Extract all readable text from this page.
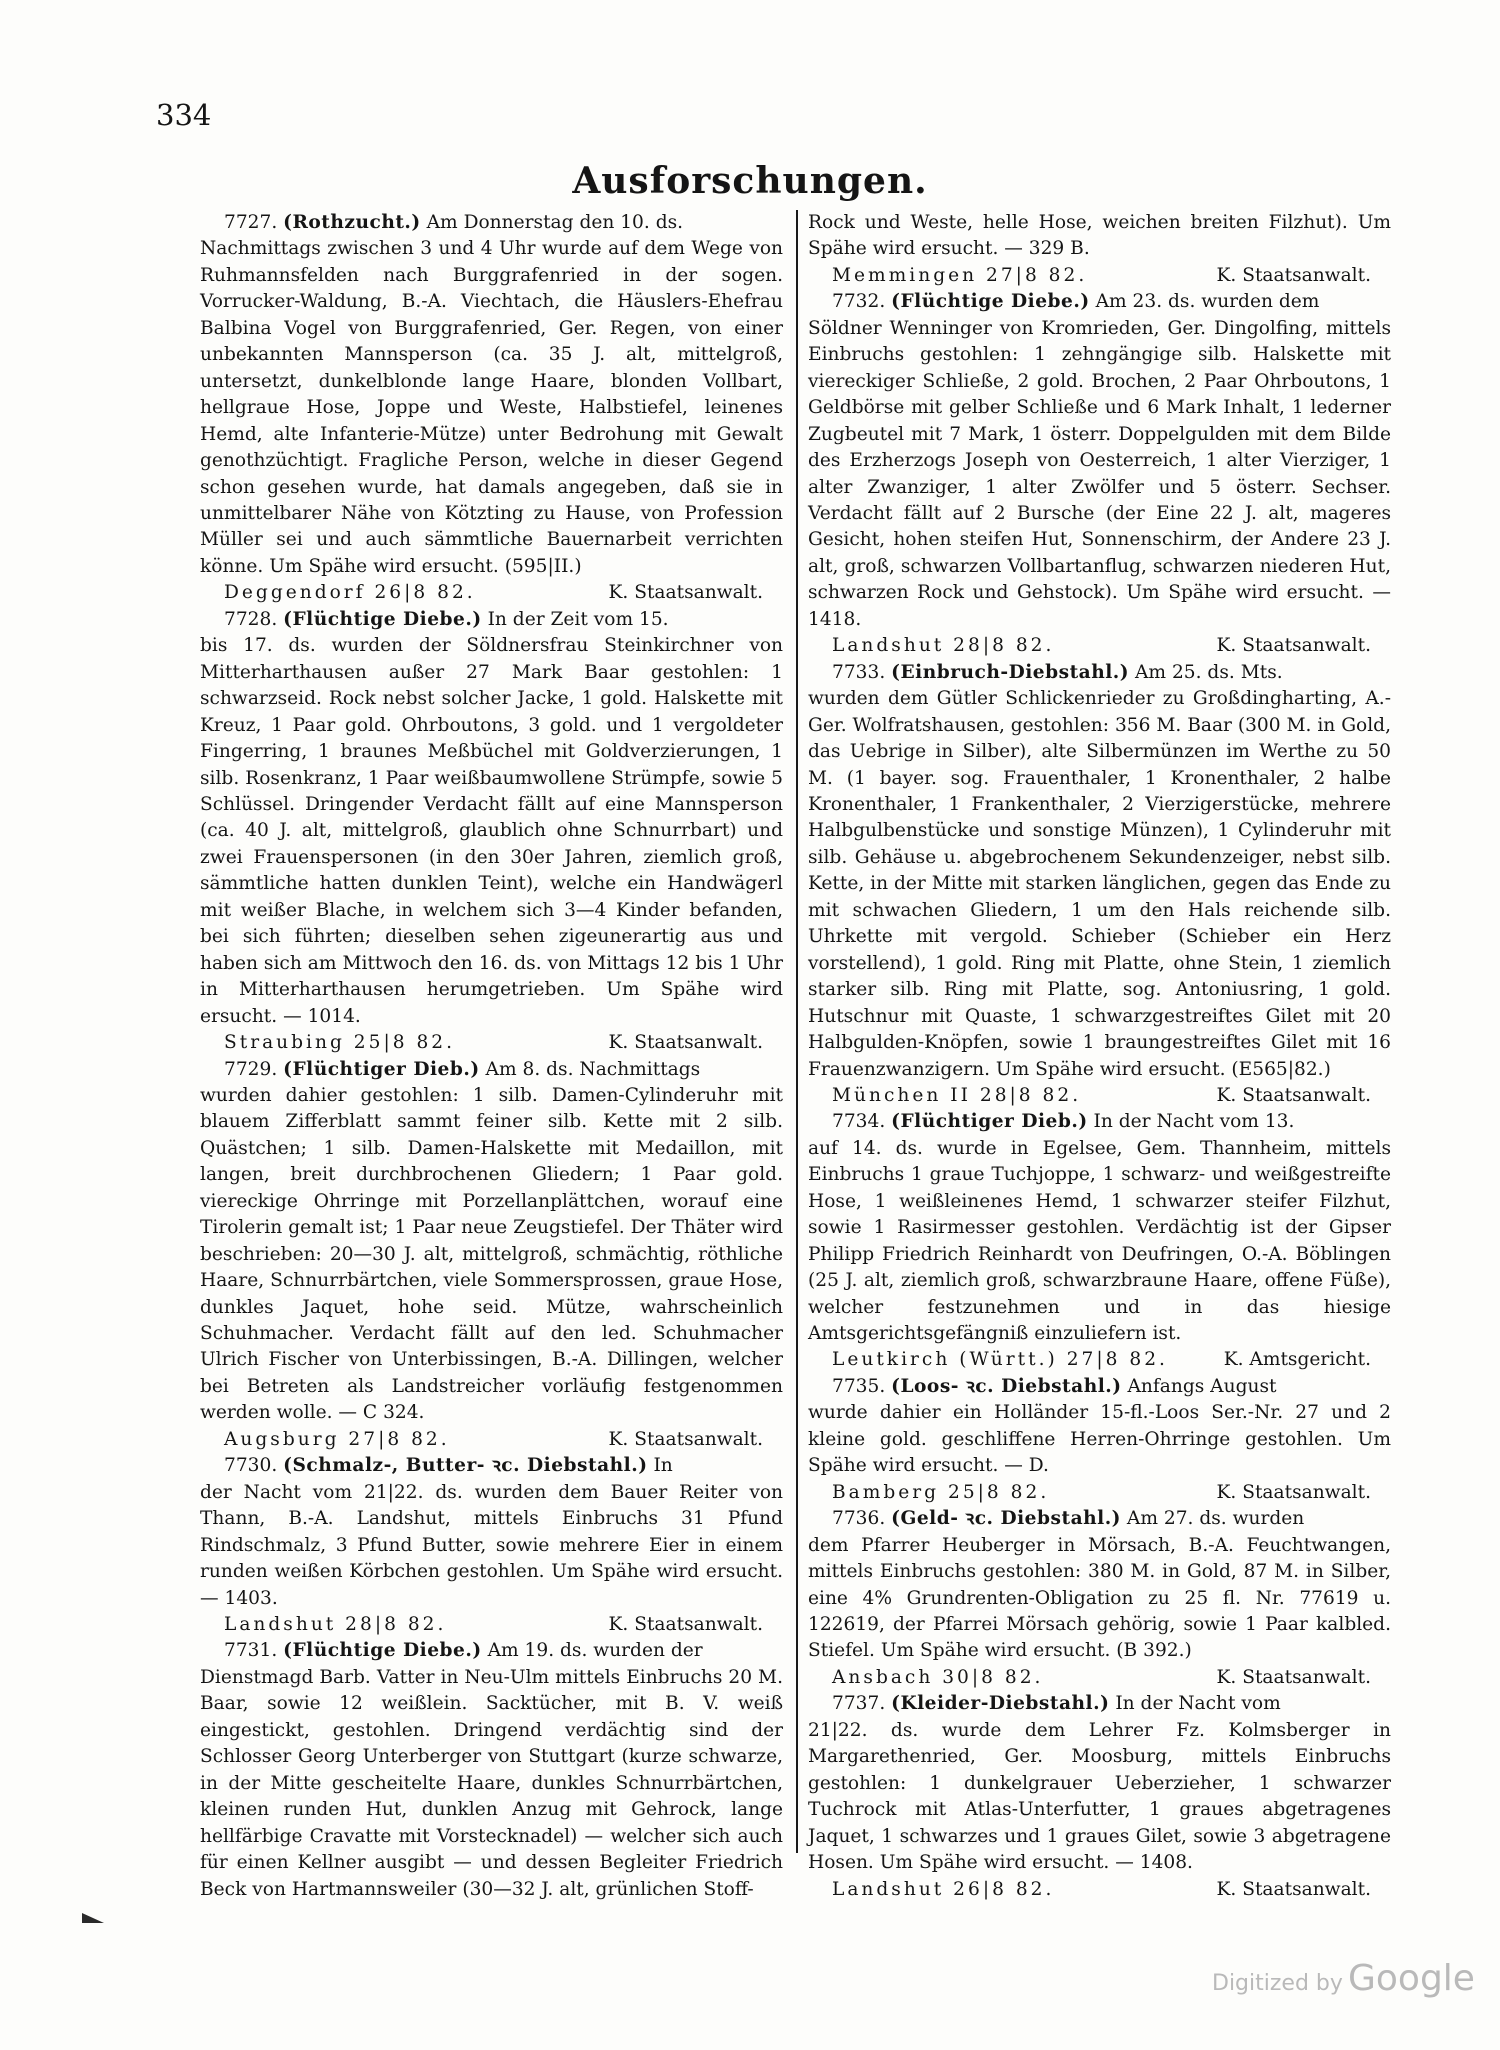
334
Ausforschungen.

7727. (Rothzucht.) Am Donnerstag den 10. ds.

Nachmittags zwischen 3 und 4 Uhr wurde auf dem Wege von Ruhmannsfelden nach Burggrafenried in der sogen. Vorrucker-Waldung, B.-A. Viechtach, die Häuslers-Ehefrau Balbina Vogel von Burggrafenried, Ger. Regen, von einer unbekannten Mannsperson (ca. 35 J. alt, mittelgroß, untersetzt, dunkelblonde lange Haare, blonden Vollbart, hellgraue Hose, Joppe und Weste, Halbstiefel, leinenes Hemd, alte Infanterie-Mütze) unter Bedrohung mit Gewalt genothzüchtigt. Fragliche Person, welche in dieser Gegend schon gesehen wurde, hat damals angegeben, daß sie in unmittelbarer Nähe von Kötzting zu Hause, von Profession Müller sei und auch sämmtliche Bauernarbeit verrichten könne. Um Spähe wird ersucht. (595|II.)

Deggendorf 26|8 82.	K. Staatsanwalt.

7728. (Flüchtige Diebe.) In der Zeit vom 15.

bis 17. ds. wurden der Söldnersfrau Steinkirchner von Mitterharthausen außer 27 Mark Baar gestohlen: 1 schwarzseid. Rock nebst solcher Jacke, 1 gold. Halskette mit Kreuz, 1 Paar gold. Ohrboutons, 3 gold. und 1 vergoldeter Fingerring, 1 braunes Meßbüchel mit Goldverzierungen, 1 silb. Rosenkranz, 1 Paar weißbaumwollene Strümpfe, sowie 5 Schlüssel. Dringender Verdacht fällt auf eine Mannsperson (ca. 40 J. alt, mittelgroß, glaublich ohne Schnurrbart) und zwei Frauenspersonen (in den 30er Jahren, ziemlich groß, sämmtliche hatten dunklen Teint), welche ein Handwägerl mit weißer Blache, in welchem sich 3—4 Kinder befanden, bei sich führten; dieselben sehen zigeunerartig aus und haben sich am Mittwoch den 16. ds. von Mittags 12 bis 1 Uhr in Mitterharthausen herumgetrieben. Um Spähe wird ersucht. — 1014.

Straubing 25|8 82.	K. Staatsanwalt.

7729. (Flüchtiger Dieb.) Am 8. ds. Nachmittags

wurden dahier gestohlen: 1 silb. Damen-Cylinderuhr mit blauem Zifferblatt sammt feiner silb. Kette mit 2 silb. Quästchen; 1 silb. Damen-Halskette mit Medaillon, mit langen, breit durchbrochenen Gliedern; 1 Paar gold. viereckige Ohrringe mit Porzellanplättchen, worauf eine Tirolerin gemalt ist; 1 Paar neue Zeugstiefel. Der Thäter wird beschrieben: 20—30 J. alt, mittelgroß, schmächtig, röthliche Haare, Schnurrbärtchen, viele Sommersprossen, graue Hose, dunkles Jaquet, hohe seid. Mütze, wahrscheinlich Schuhmacher. Verdacht fällt auf den led. Schuhmacher Ulrich Fischer von Unterbissingen, B.-A. Dillingen, welcher bei Betreten als Landstreicher vorläufig festgenommen werden wolle. — C 324.

Augsburg 27|8 82.	K. Staatsanwalt.

7730. (Schmalz-, Butter- ꝛc. Diebstahl.) In

der Nacht vom 21|22. ds. wurden dem Bauer Reiter von Thann, B.-A. Landshut, mittels Einbruchs 31 Pfund Rindschmalz, 3 Pfund Butter, sowie mehrere Eier in einem runden weißen Körbchen gestohlen. Um Spähe wird ersucht. — 1403.

Landshut 28|8 82.	K. Staatsanwalt.

7731. (Flüchtige Diebe.) Am 19. ds. wurden der

Dienstmagd Barb. Vatter in Neu-Ulm mittels Einbruchs 20 M. Baar, sowie 12 weißlein. Sacktücher, mit B. V. weiß eingestickt, gestohlen. Dringend verdächtig sind der Schlosser Georg Unterberger von Stuttgart (kurze schwarze, in der Mitte gescheitelte Haare, dunkles Schnurrbärtchen, kleinen runden Hut, dunklen Anzug mit Gehrock, lange hellfärbige Cravatte mit Vorstecknadel) — welcher sich auch für einen Kellner ausgibt — und dessen Begleiter Friedrich Beck von Hartmannsweiler (30—32 J. alt, grünlichen Stoff-

Rock und Weste, helle Hose, weichen breiten Filzhut). Um Spähe wird ersucht. — 329 B.

Memmingen 27|8 82.	K. Staatsanwalt.

7732. (Flüchtige Diebe.) Am 23. ds. wurden dem

Söldner Wenninger von Kromrieden, Ger. Dingolfing, mittels Einbruchs gestohlen: 1 zehngängige silb. Halskette mit viereckiger Schließe, 2 gold. Brochen, 2 Paar Ohrboutons, 1 Geldbörse mit gelber Schließe und 6 Mark Inhalt, 1 lederner Zugbeutel mit 7 Mark, 1 österr. Doppelgulden mit dem Bilde des Erzherzogs Joseph von Oesterreich, 1 alter Vierziger, 1 alter Zwanziger, 1 alter Zwölfer und 5 österr. Sechser. Verdacht fällt auf 2 Bursche (der Eine 22 J. alt, mageres Gesicht, hohen steifen Hut, Sonnenschirm, der Andere 23 J. alt, groß, schwarzen Vollbartanflug, schwarzen niederen Hut, schwarzen Rock und Gehstock). Um Spähe wird ersucht. — 1418.

Landshut 28|8 82.	K. Staatsanwalt.

7733. (Einbruch-Diebstahl.) Am 25. ds. Mts.

wurden dem Gütler Schlickenrieder zu Großdingharting, A.-Ger. Wolfratshausen, gestohlen: 356 M. Baar (300 M. in Gold, das Uebrige in Silber), alte Silbermünzen im Werthe zu 50 M. (1 bayer. sog. Frauenthaler, 1 Kronenthaler, 2 halbe Kronenthaler, 1 Frankenthaler, 2 Vierzigerstücke, mehrere Halbgulbenstücke und sonstige Münzen), 1 Cylinderuhr mit silb. Gehäuse u. abgebrochenem Sekundenzeiger, nebst silb. Kette, in der Mitte mit starken länglichen, gegen das Ende zu mit schwachen Gliedern, 1 um den Hals reichende silb. Uhrkette mit vergold. Schieber (Schieber ein Herz vorstellend), 1 gold. Ring mit Platte, ohne Stein, 1 ziemlich starker silb. Ring mit Platte, sog. Antoniusring, 1 gold. Hutschnur mit Quaste, 1 schwarzgestreiftes Gilet mit 20 Halbgulden-Knöpfen, sowie 1 braungestreiftes Gilet mit 16 Frauenzwanzigern. Um Spähe wird ersucht. (E565|82.)

München II 28|8 82.	K. Staatsanwalt.

7734. (Flüchtiger Dieb.) In der Nacht vom 13.

auf 14. ds. wurde in Egelsee, Gem. Thannheim, mittels Einbruchs 1 graue Tuchjoppe, 1 schwarz- und weißgestreifte Hose, 1 weißleinenes Hemd, 1 schwarzer steifer Filzhut, sowie 1 Rasirmesser gestohlen. Verdächtig ist der Gipser Philipp Friedrich Reinhardt von Deufringen, O.-A. Böblingen (25 J. alt, ziemlich groß, schwarzbraune Haare, offene Füße), welcher festzunehmen und in das hiesige Amtsgerichtsgefängniß einzuliefern ist.

Leutkirch (Württ.) 27|8 82.	K. Amtsgericht.

7735. (Loos- ꝛc. Diebstahl.) Anfangs August

wurde dahier ein Holländer 15-fl.-Loos Ser.-Nr. 27 und 2 kleine gold. geschliffene Herren-Ohrringe gestohlen. Um Spähe wird ersucht. — D.

Bamberg 25|8 82.	K. Staatsanwalt.

7736. (Geld- ꝛc. Diebstahl.) Am 27. ds. wurden

dem Pfarrer Heuberger in Mörsach, B.-A. Feuchtwangen, mittels Einbruchs gestohlen: 380 M. in Gold, 87 M. in Silber, eine 4% Grundrenten-Obligation zu 25 fl. Nr. 77619 u. 122619, der Pfarrei Mörsach gehörig, sowie 1 Paar kalbled. Stiefel. Um Spähe wird ersucht. (B 392.)

Ansbach 30|8 82.	K. Staatsanwalt.

7737. (Kleider-Diebstahl.) In der Nacht vom

21|22. ds. wurde dem Lehrer Fz. Kolmsberger in Margarethenried, Ger. Moosburg, mittels Einbruchs gestohlen: 1 dunkelgrauer Ueberzieher, 1 schwarzer Tuchrock mit Atlas-Unterfutter, 1 graues abgetragenes Jaquet, 1 schwarzes und 1 graues Gilet, sowie 3 abgetragene Hosen. Um Spähe wird ersucht. — 1408.

Landshut 26|8 82.	K. Staatsanwalt.
Digitized by Google
